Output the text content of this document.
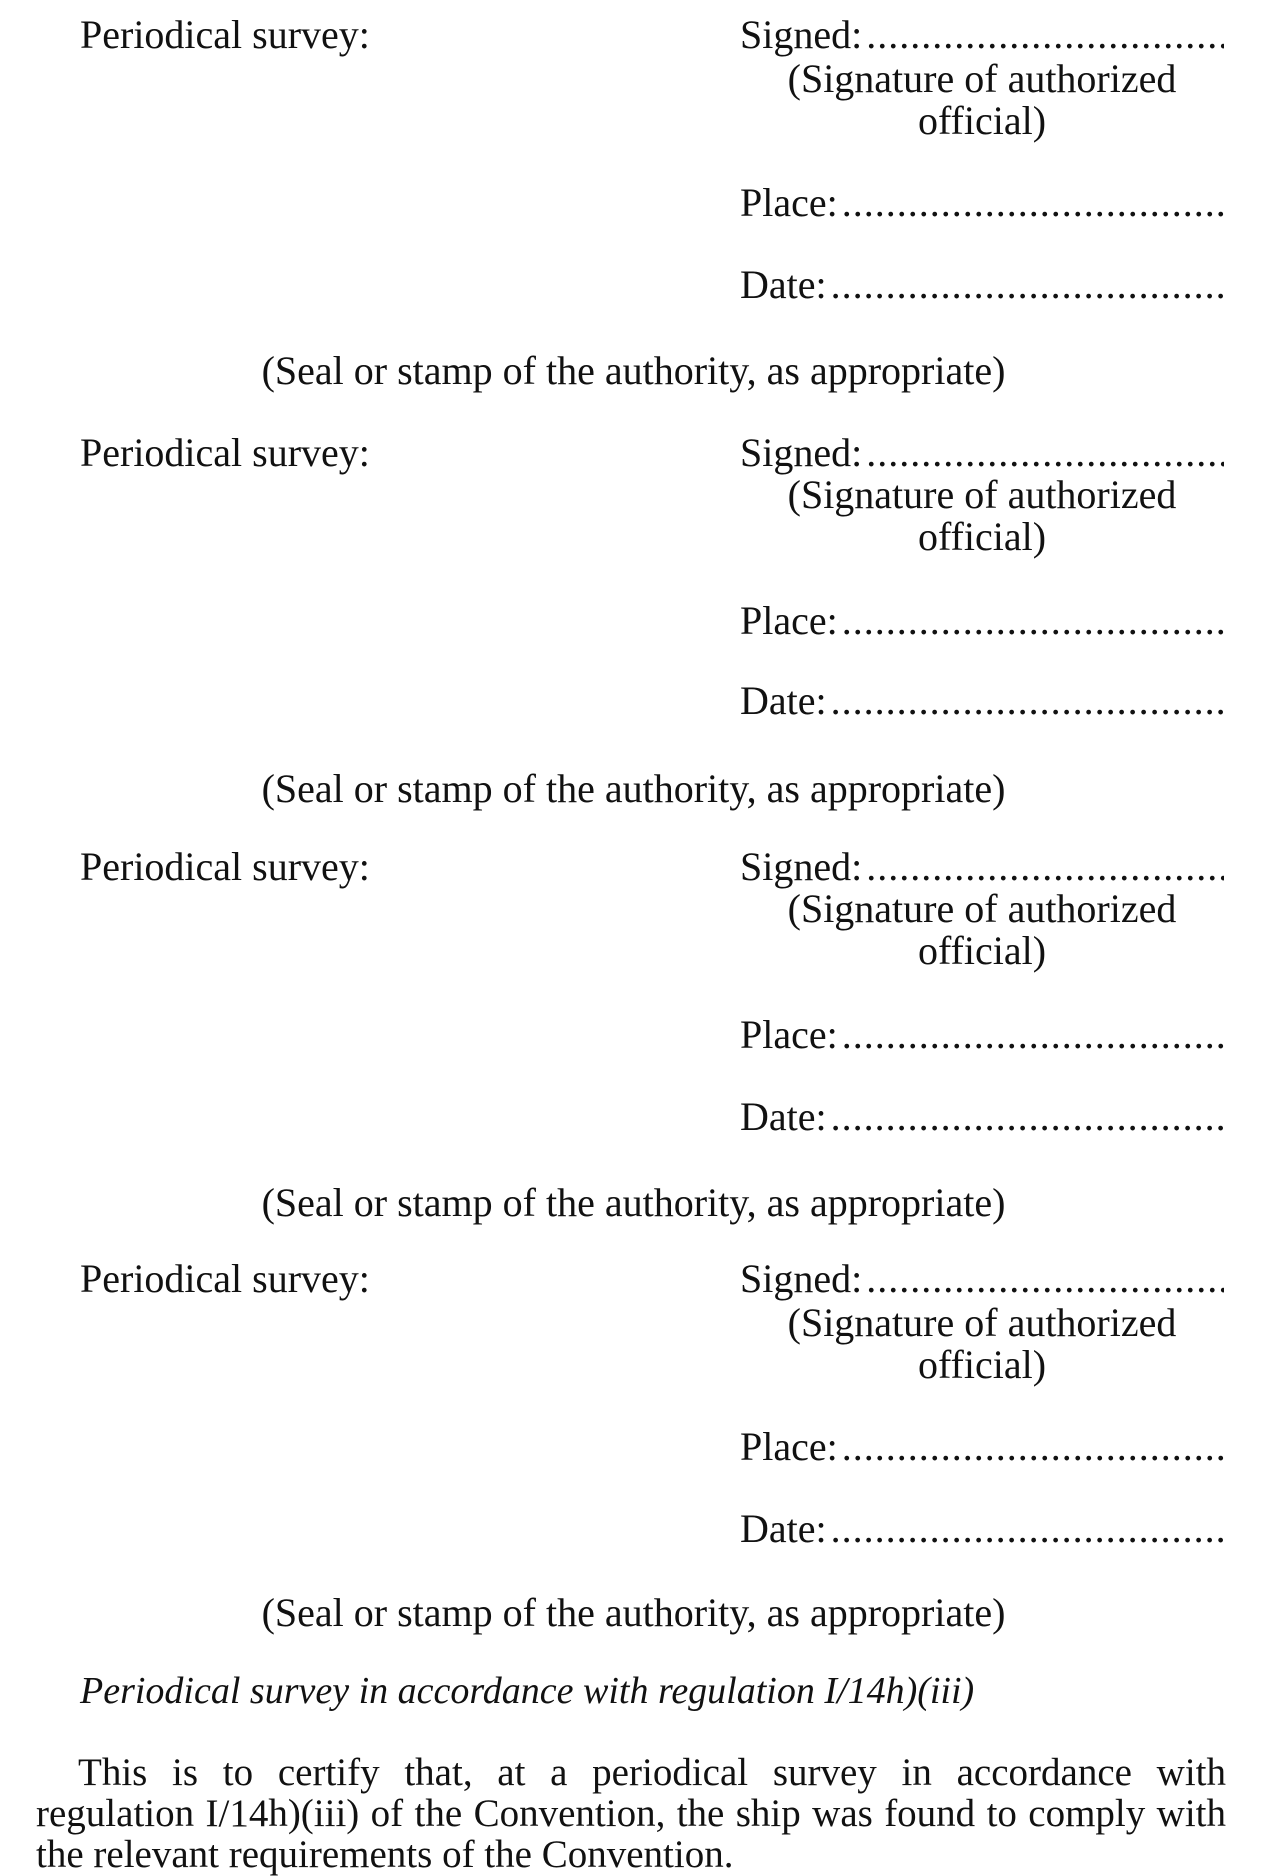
Periodical survey:	Signed:
.....
(Signature of authorized official)
Place:
.....
Date:
.....
(Seal or stamp of the authority, as appropriate)
Periodical survey:	Signed:
.....
(Signature of authorized official)
Place:
.....
Date:
.....
(Seal or stamp of the authority, as appropriate)
Periodical survey:	Signed:
.....
(Signature of authorized official)
Place:
.....
Date:
.....
(Seal or stamp of the authority, as appropriate)
Periodical survey:	Signed:
.....
(Signature of authorized official)
Place:
.....
Date:
.....
(Seal or stamp of the authority, as appropriate)
Periodical survey in accordance with regulation I/14h)(iii)
This is to certify that, at a periodical survey in accordance with regulation I/14h)(iii) of the Convention, the ship was found to comply with the relevant requirements of the Convention.
